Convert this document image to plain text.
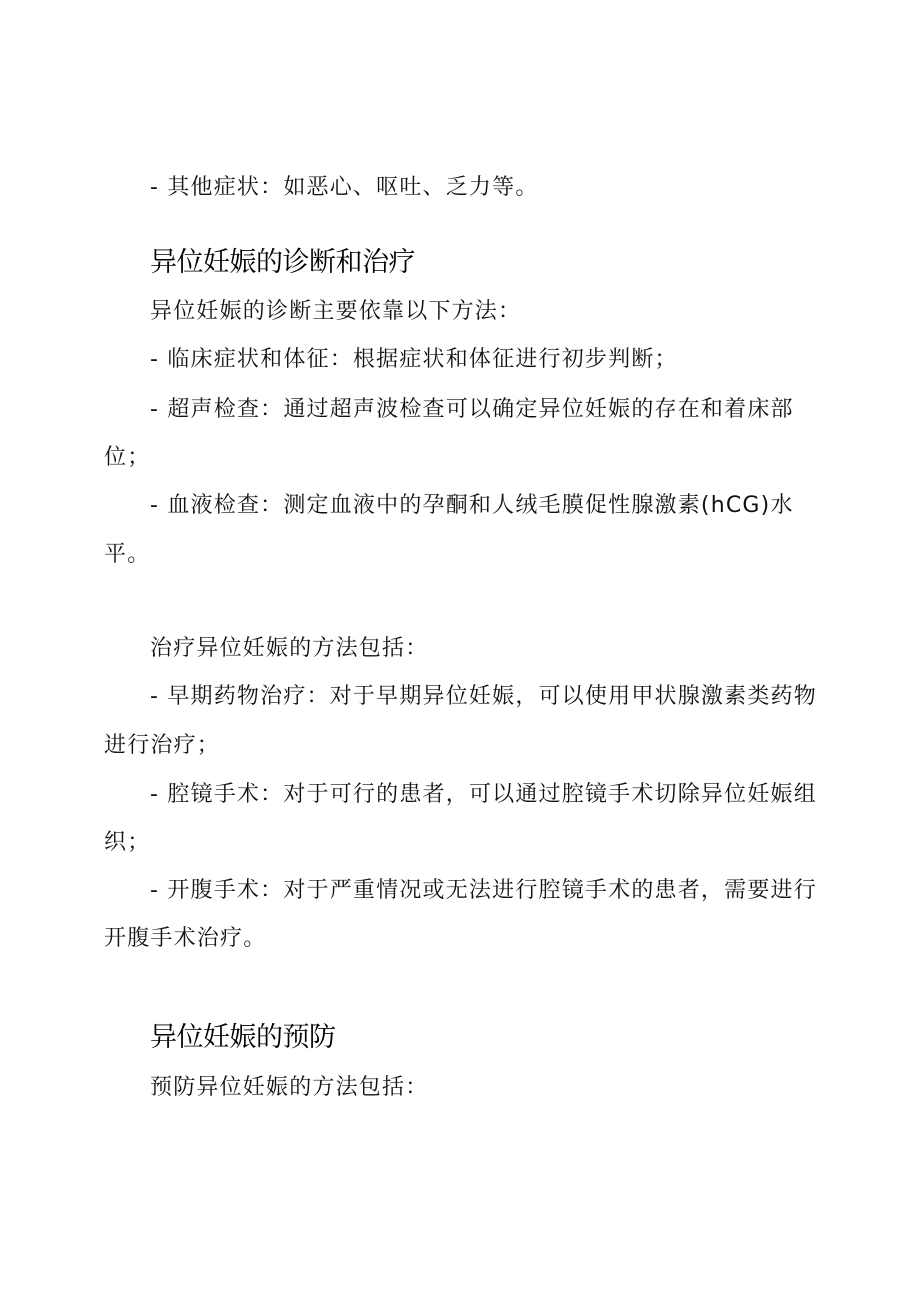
- 其他症状：如恶心、呕吐、乏力等。
异位妊娠的诊断和治疗
异位妊娠的诊断主要依靠以下方法：
- 临床症状和体征：根据症状和体征进行初步判断；
- 超声检查：通过超声波检查可以确定异位妊娠的存在和着床部
位；
- 血液检查：测定血液中的孕酮和人绒毛膜促性腺激素(hCG)水
平。
治疗异位妊娠的方法包括：
- 早期药物治疗：对于早期异位妊娠，可以使用甲状腺激素类药物
进行治疗；
- 腔镜手术：对于可行的患者，可以通过腔镜手术切除异位妊娠组
织；
- 开腹手术：对于严重情况或无法进行腔镜手术的患者，需要进行
开腹手术治疗。
异位妊娠的预防
预防异位妊娠的方法包括：
